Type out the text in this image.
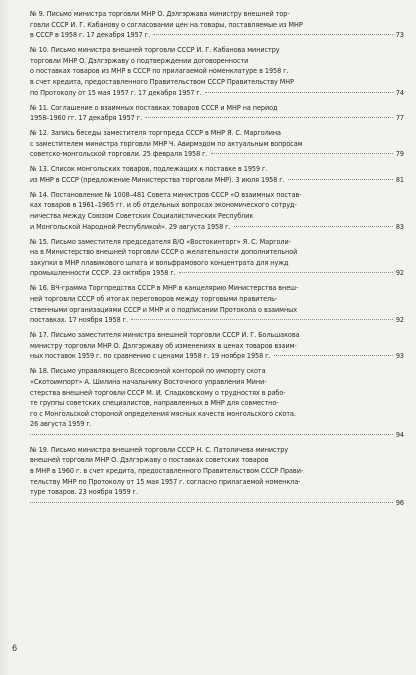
№ 9. Письмо министра торговли МНР О. Дэлгэржава министру внешней тор-
говли СССР И. Г. Кабанову о согласовании цен на товары, поставляемые из МНР
в СССР в 1958 г. 17 декабря 1957 г.	73
№ 10. Письмо министра внешней торговли СССР И. Г. Кабанова министру
торговли МНР О. Дэлгэржаву о подтверждении договоренности
о поставках товаров из МНР в СССР по прилагаемой номенклатуре в 1958 г.
в счет кредита, предоставленного Правительством СССР Правительству МНР
по Протоколу от 15 мая 1957 г. 17 декабря 1957 г.	74
№ 11. Соглашение о взаимных поставках товаров СССР и МНР на период
1958–1960 гг. 17 декабря 1957 г.	77
№ 12. Запись беседы заместителя торгпреда СССР в МНР Я. С. Марголина
с заместителем министра торговли МНР Ч. Авирмэдом по актуальным вопросам
советско-монгольской торговли. 25 февраля 1958 г.	79
№ 13. Список монгольских товаров, подлежащих к поставке в 1959 г.
из МНР в СССР (предложение Министерства торговли МНР). 3 июля 1958 г.	81
№ 14. Постановление № 1008–481 Совета министров СССР «О взаимных постав-
ках товаров в 1961–1965 гг. и об отдельных вопросах экономического сотруд-
ничества между Союзом Советских Социалистических Республик
и Монгольской Народной Республикой». 29 августа 1958 г.	83
№ 15. Письмо заместителя председателя В/О «Востокинторг» Я. С. Марголи-
на в Министерство внешней торговли СССР о желательности дополнительной
закупки в МНР плавикового шпата и вольфрамового концентрата для нужд
промышленности СССР. 23 октября 1958 г.	92
№ 16. ВЧ-грамма Торгпредства СССР в МНР в канцелярию Министерства внеш-
ней торговли СССР об итогах переговоров между торговыми правитель-
ственными организациями СССР и МНР и о подписании Протокола о взаимных
поставках. 17 ноября 1958 г.	92
№ 17. Письмо заместителя министра внешней торговли СССР И. Г. Большакова
министру торговли МНР О. Дэлгэржаву об изменениях в ценах товаров взаим-
ных поставок 1959 г. по сравнению с ценами 1958 г. 19 ноября 1958 г.	93
№ 18. Письмо управляющего Всесоюзной конторой по импорту скота
«Скотоимпорт» А. Шилина начальнику Восточного управления Мини-
стерства внешней торговли СССР М. И. Сладковскому о трудностях в рабо-
те группы советских специалистов, направленных в МНР для совместно-
го с Монгольской стороной определения мясных качеств монгольского скота.
26 августа 1959 г.
94
№ 19. Письмо министра внешней торговли СССР Н. С. Патоличева министру
внешней торговли МНР О. Дэлгэржаву о поставках советских товаров
в МНР в 1960 г. в счет кредита, предоставленного Правительством СССР Прави-
тельству МНР по Протоколу от 15 мая 1957 г. согласно прилагаемой номенкла-
туре товаров. 23 ноября 1959 г.
96
6
